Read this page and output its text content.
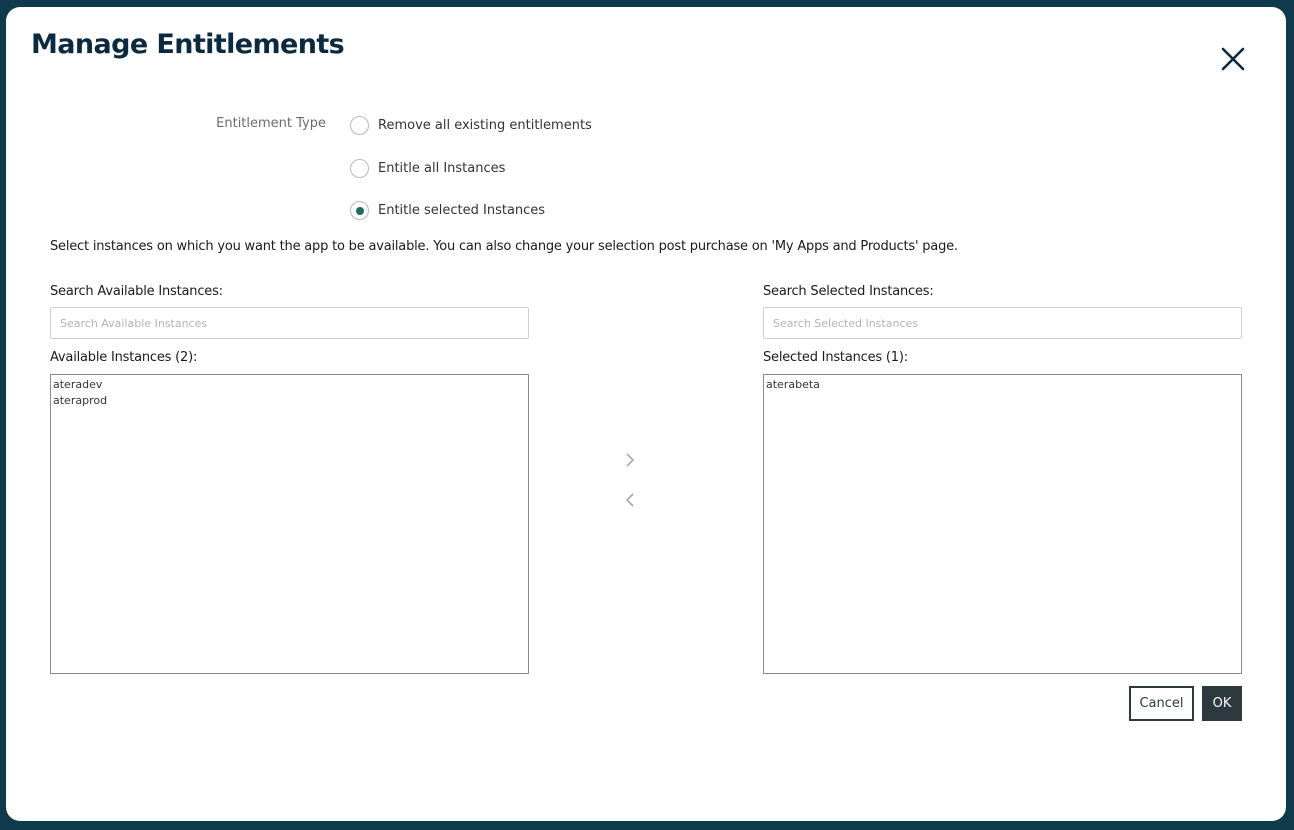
Manage Entitlements
Entitlement Type	Remove all existing entitlements
Entitle all Instances
Entitle selected Instances
Select instances on which you want the app to be available. You can also change your selection post purchase on 'My Apps and Products' page.
Search Available Instances:
Search Available Instances
Available Instances (2):
ateradev
ateraprod
Search Selected Instances:
Search Selected Instances
Selected Instances (1):
aterabeta
Cancel	OK
